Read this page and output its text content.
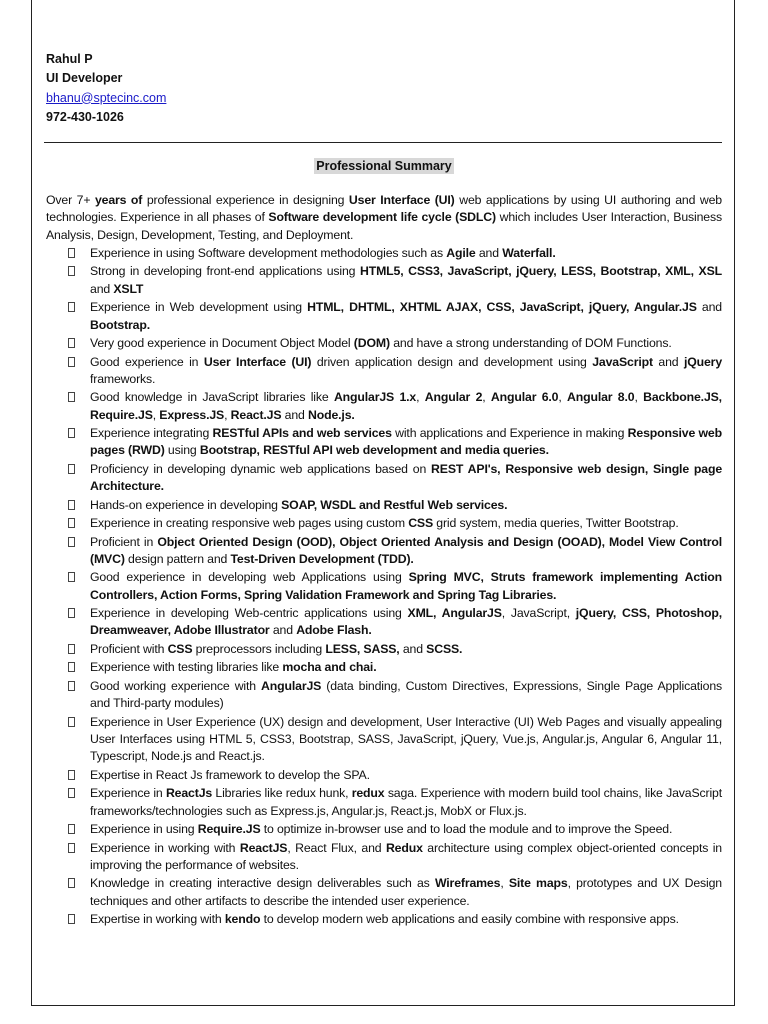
Rahul P
UI Developer
bhanu@sptecinc.com
972-430-1026
Professional Summary
Over 7+ years of professional experience in designing User Interface (UI) web applications by using UI authoring and web technologies. Experience in all phases of Software development life cycle (SDLC) which includes User Interaction, Business Analysis, Design, Development, Testing, and Deployment.
Experience in using Software development methodologies such as Agile and Waterfall.
Strong in developing front-end applications using HTML5, CSS3, JavaScript, jQuery, LESS, Bootstrap, XML, XSL and XSLT
Experience in Web development using HTML, DHTML, XHTML AJAX, CSS, JavaScript, jQuery, Angular.JS and Bootstrap.
Very good experience in Document Object Model (DOM) and have a strong understanding of DOM Functions.
Good experience in User Interface (UI) driven application design and development using JavaScript and jQuery frameworks.
Good knowledge in JavaScript libraries like AngularJS 1.x, Angular 2, Angular 6.0, Angular 8.0, Backbone.JS, Require.JS, Express.JS, React.JS and Node.js.
Experience integrating RESTful APIs and web services with applications and Experience in making Responsive web pages (RWD) using Bootstrap, RESTful API web development and media queries.
Proficiency in developing dynamic web applications based on REST API's, Responsive web design, Single page Architecture.
Hands-on experience in developing SOAP, WSDL and Restful Web services.
Experience in creating responsive web pages using custom CSS grid system, media queries, Twitter Bootstrap.
Proficient in Object Oriented Design (OOD), Object Oriented Analysis and Design (OOAD), Model View Control (MVC) design pattern and Test-Driven Development (TDD).
Good experience in developing web Applications using Spring MVC, Struts framework implementing Action Controllers, Action Forms, Spring Validation Framework and Spring Tag Libraries.
Experience in developing Web-centric applications using XML, AngularJS, JavaScript, jQuery, CSS, Photoshop, Dreamweaver, Adobe Illustrator and Adobe Flash.
Proficient with CSS preprocessors including LESS, SASS, and SCSS.
Experience with testing libraries like mocha and chai.
Good working experience with AngularJS (data binding, Custom Directives, Expressions, Single Page Applications and Third-party modules)
Experience in User Experience (UX) design and development, User Interactive (UI) Web Pages and visually appealing User Interfaces using HTML 5, CSS3, Bootstrap, SASS, JavaScript, jQuery, Vue.js, Angular.js, Angular 6, Angular 11, Typescript, Node.js and React.js.
Expertise in React Js framework to develop the SPA.
Experience in ReactJs Libraries like redux hunk, redux saga. Experience with modern build tool chains, like JavaScript frameworks/technologies such as Express.js, Angular.js, React.js, MobX or Flux.js.
Experience in using Require.JS to optimize in-browser use and to load the module and to improve the Speed.
Experience in working with ReactJS, React Flux, and Redux architecture using complex object-oriented concepts in improving the performance of websites.
Knowledge in creating interactive design deliverables such as Wireframes, Site maps, prototypes and UX Design techniques and other artifacts to describe the intended user experience.
Expertise in working with kendo to develop modern web applications and easily combine with responsive apps.
